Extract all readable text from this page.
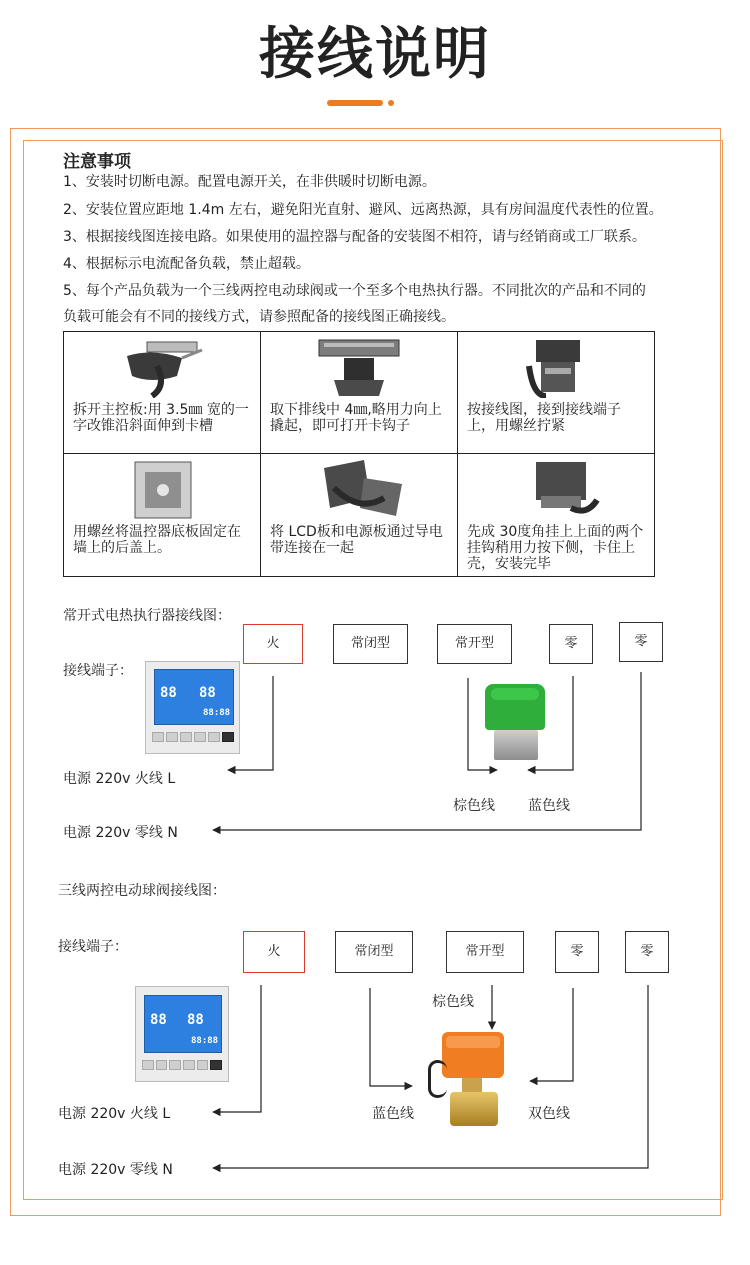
接线说明
注意事项
1、安装时切断电源。配置电源开关，在非供暖时切断电源。
2、安装位置应距地 1.4m 左右，避免阳光直射、避风、远离热源，具有房间温度代表性的位置。
3、根据接线图连接电路。如果使用的温控器与配备的安装图不相符，请与经销商或工厂联系。
4、根据标示电流配备负载，禁止超载。
5、每个产品负载为一个三线两控电动球阀或一个至多个电热执行器。不同批次的产品和不同的
负载可能会有不同的接线方式，请参照配备的接线图正确接线。
拆开主控板:用 3.5㎜ 宽的一字改锥沿斜面伸到卡槽	取下排线中 4㎜,略用力向上撬起，即可打开卡钩子	按接线图，接到接线端子上，用螺丝拧紧

用螺丝将温控器底板固定在墙上的后盖上。	将 LCD板和电源板通过导电带连接在一起	先成 30度角挂上上面的两个挂钩稍用力按下侧，卡住上壳，安装完毕
常开式电热执行器接线图：
接线端子：
火	常闭型	常开型	零	零
88 88
88:88
电源 220v 火线 L
棕色线 蓝色线
电源 220v 零线 N
三线两控电动球阀接线图：
接线端子：	火	常闭型	常开型	零	零
88 88
88:88
棕色线
蓝色线	双色线
电源 220v 火线 L
电源 220v 零线 N
